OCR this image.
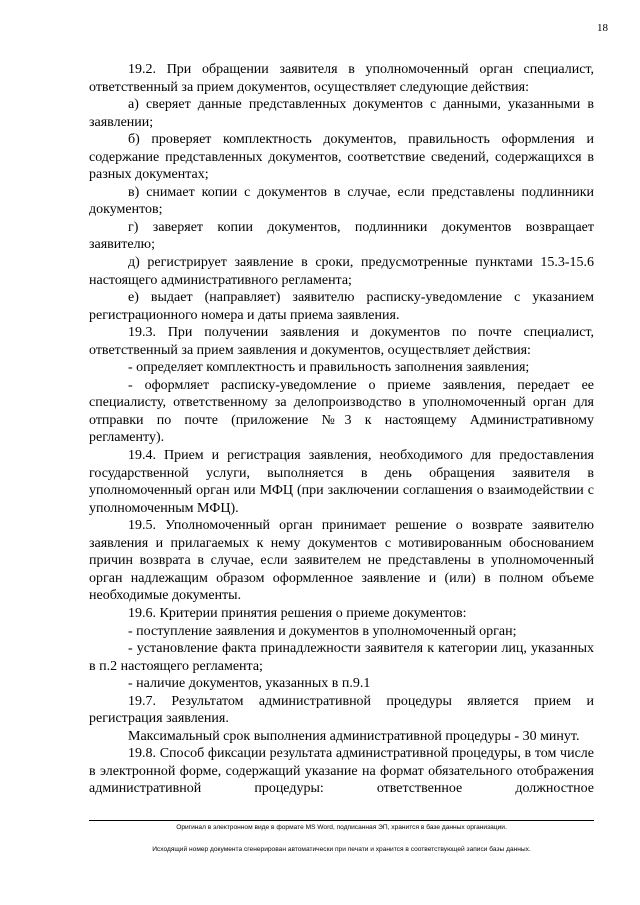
18

19.2. При обращении заявителя в уполномоченный орган специалист, ответственный за прием документов, осуществляет следующие действия:

а) сверяет данные представленных документов с данными, указанными в заявлении;

б) проверяет комплектность документов, правильность оформления и содержание представленных документов, соответствие сведений, содержащихся в разных документах;

в) снимает копии с документов в случае, если представлены подлинники документов;

г) заверяет копии документов, подлинники документов возвращает заявителю;

д) регистрирует заявление в сроки, предусмотренные пунктами 15.3-15.6 настоящего административного регламента;

е) выдает (направляет) заявителю расписку-уведомление с указанием регистрационного номера и даты приема заявления.

19.3. При получении заявления и документов по почте специалист, ответственный за прием заявления и документов, осуществляет действия:

- определяет комплектность и правильность заполнения заявления;

- оформляет расписку-уведомление о приеме заявления, передает ее специалисту, ответственному за делопроизводство в уполномоченный орган для отправки по почте (приложение №3 к настоящему Административному регламенту).

19.4. Прием и регистрация заявления, необходимого для предоставления государственной услуги, выполняется в день обращения заявителя в уполномоченный орган или МФЦ (при заключении соглашения о взаимодействии с уполномоченным МФЦ).

19.5. Уполномоченный орган принимает решение о возврате заявителю заявления и прилагаемых к нему документов с мотивированным обоснованием причин возврата в случае, если заявителем не представлены в уполномоченный орган надлежащим образом оформленное заявление и (или) в полном объеме необходимые документы.

19.6. Критерии принятия решения о приеме документов:

- поступление заявления и документов в уполномоченный орган;

- установление факта принадлежности заявителя к категории лиц, указанных в п.2 настоящего регламента;

- наличие документов, указанных в п.9.1

19.7. Результатом административной процедуры является прием и регистрация заявления.

Максимальный срок выполнения административной процедуры - 30 минут.

19.8. Способ фиксации результата административной процедуры, в том числе в электронной форме, содержащий указание на формат обязательного отображения административной процедуры: ответственное должностное

Оригинал в электронном виде в формате MS Word, подписанная ЭП, хранится в базе данных организации.
Исходящий номер документа сгенерирован автоматически при печати и хранится в соответствующей записи базы данных.
